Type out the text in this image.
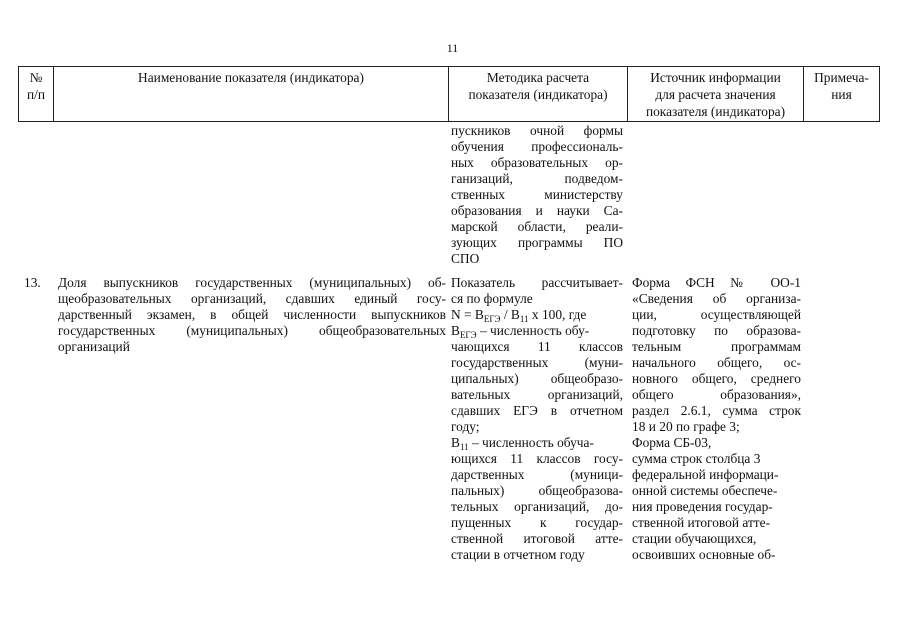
11
№
п/п
Наименование показателя (индикатора)	Методика расчета
показателя (индикатора)
Источник информации
для расчета значения
показателя (индикатора)
Примеча-
ния
пускников очной формы
обучения профессиональ-
ных образовательных ор-
ганизаций, подведом-
ственных министерству
образования и науки Са-
марской области, реали-
зующих программы ПО
СПО
13. Доля выпускников государственных (муниципальных) об-
щеобразовательных организаций, сдавших единый госу-
дарственный экзамен, в общей численности выпускников
государственных (муниципальных) общеобразовательных
организаций
Показатель рассчитывает-
ся по формуле
$N = В_{ЕГЭ} / В_{11}$ x 100, где
$В_{ЕГЭ}$ – численность обу-
чающихся 11 классов
государственных (муни-
ципальных) общеобразо-
вательных организаций,
сдавших ЕГЭ в отчетном
году;
$В_{11}$ – численность обуча-
ющихся 11 классов госу-
дарственных (муници-
пальных) общеобразова-
тельных организаций, до-
пущенных к государ-
ственной итоговой атте-
стации в отчетном году
Форма ФСН № ОО-1
«Сведения об организа-
ции, осуществляющей
подготовку по образова-
тельным программам
начального общего, ос-
новного общего, среднего
общего образования»,
раздел 2.6.1, сумма строк
18 и 20 по графе 3;
Форма СБ-03,
сумма строк столбца 3
федеральной информаци-
онной системы обеспече-
ния проведения государ-
ственной итоговой атте-
стации обучающихся,
освоивших основные об-
